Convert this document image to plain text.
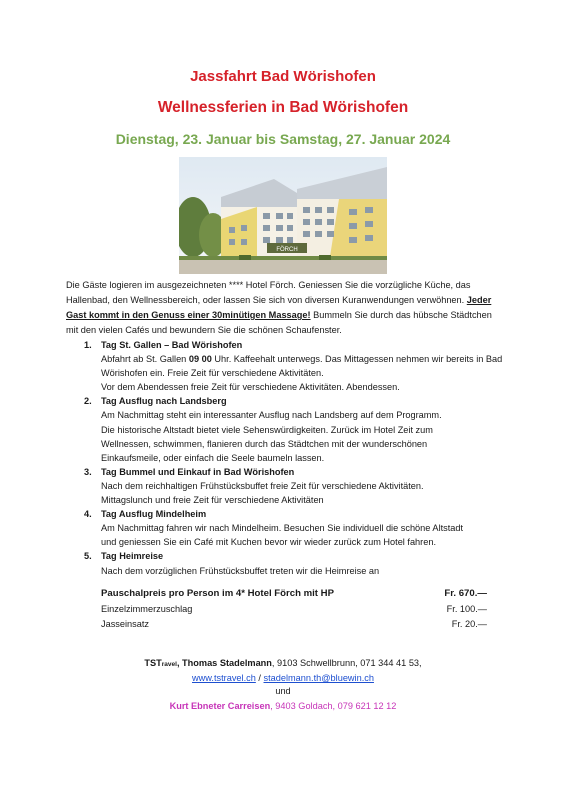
Jassfahrt Bad Wörishofen
Wellnessferien in Bad Wörishofen
Dienstag, 23. Januar bis Samstag, 27. Januar 2024
FÖRCH
Die Gäste logieren im ausgezeichneten **** Hotel Förch. Geniessen Sie die vorzügliche Küche, das Hallenbad, den Wellnessbereich, oder lassen Sie sich von diversen Kuranwendungen verwöhnen. Jeder Gast kommt in den Genuss einer 30minütigen Massage! Bummeln Sie durch das hübsche Städtchen mit den vielen Cafés und bewundern Sie die schönen Schaufenster.
1. Tag St. Gallen – Bad Wörishofen
Abfahrt ab St. Gallen 09 00 Uhr. Kaffeehalt unterwegs. Das Mittagessen nehmen wir bereits in Bad Wörishofen ein. Freie Zeit für verschiedene Aktivitäten.
Vor dem Abendessen freie Zeit für verschiedene Aktivitäten. Abendessen.
2. Tag Ausflug nach Landsberg
Am Nachmittag steht ein interessanter Ausflug nach Landsberg auf dem Programm.
Die historische Altstadt bietet viele Sehenswürdigkeiten. Zurück im Hotel Zeit zum
Wellnessen, schwimmen, flanieren durch das Städtchen mit der wunderschönen
Einkaufsmeile, oder einfach die Seele baumeln lassen.
3. Tag Bummel und Einkauf in Bad Wörishofen
Nach dem reichhaltigen Frühstücksbuffet freie Zeit für verschiedene Aktivitäten.
Mittagslunch und freie Zeit für verschiedene Aktivitäten
4. Tag Ausflug Mindelheim
Am Nachmittag fahren wir nach Mindelheim. Besuchen Sie individuell die schöne Altstadt
und geniessen Sie ein Café mit Kuchen bevor wir wieder zurück zum Hotel fahren.
5. Tag Heimreise
Nach dem vorzüglichen Frühstücksbuffet treten wir die Heimreise an
Pauschalpreis pro Person im 4* Hotel Förch mit HP	Fr. 670.—
Einzelzimmerzuschlag	Fr. 100.—
Jasseinsatz	Fr. 20.—
TSTravel, Thomas Stadelmann, 9103 Schwellbrunn, 071 344 41 53,
www.tstravel.ch / stadelmann.th@bluewin.ch
und
Kurt Ebneter Carreisen, 9403 Goldach, 079 621 12 12
